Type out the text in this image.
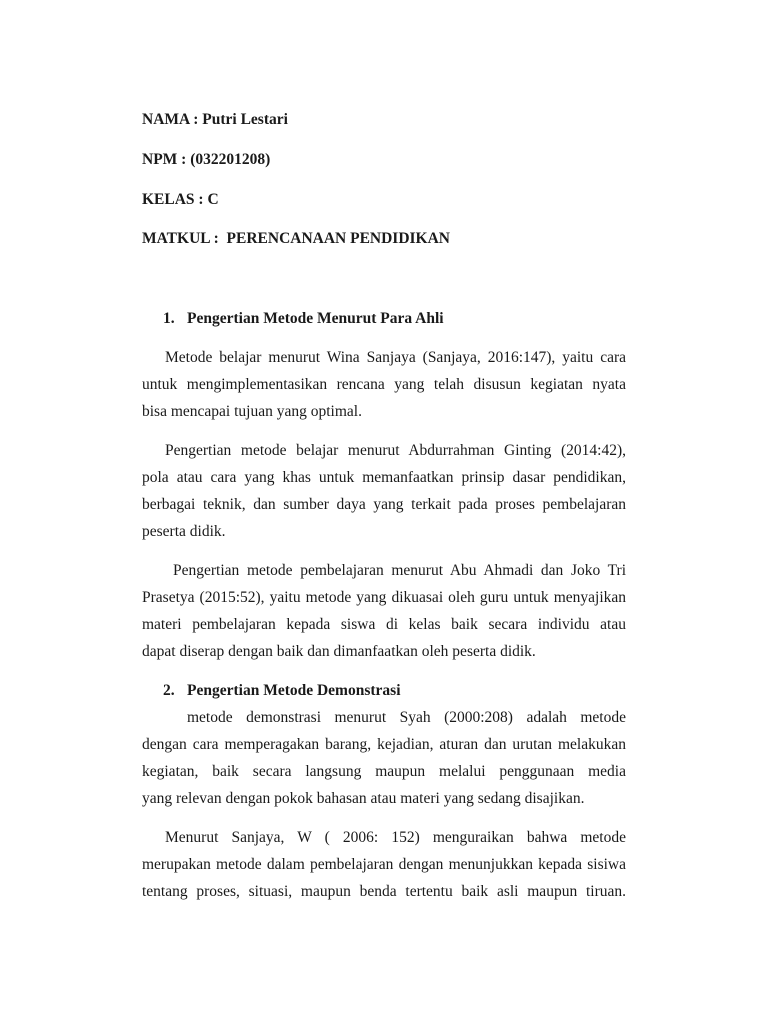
NAMA : Putri Lestari

NPM : (032201208)

KELAS : C

MATKUL :  PERENCANAAN PENDIDIKAN

1. Pengertian Metode Menurut Para Ahli

Metode belajar menurut Wina Sanjaya (Sanjaya, 2016:147), yaitu cara
untuk mengimplementasikan rencana yang telah disusun kegiatan nyata
bisa mencapai tujuan yang optimal.
Pengertian metode belajar menurut Abdurrahman Ginting (2014:42),
pola atau cara yang khas untuk memanfaatkan prinsip dasar pendidikan,
berbagai teknik, dan sumber daya yang terkait pada proses pembelajaran
peserta didik.
Pengertian metode pembelajaran menurut Abu Ahmadi dan Joko Tri
Prasetya (2015:52), yaitu metode yang dikuasai oleh guru untuk menyajikan
materi pembelajaran kepada siswa di kelas baik secara individu atau
dapat diserap dengan baik dan dimanfaatkan oleh peserta didik.

2. Pengertian Metode Demonstrasi

metode demonstrasi menurut Syah (2000:208) adalah metode
dengan cara memperagakan barang, kejadian, aturan dan urutan melakukan
kegiatan, baik secara langsung maupun melalui penggunaan media
yang relevan dengan pokok bahasan atau materi yang sedang disajikan.
Menurut Sanjaya, W ( 2006: 152) menguraikan bahwa metode
merupakan metode dalam pembelajaran dengan menunjukkan kepada sisiwa
tentang proses, situasi, maupun benda tertentu baik asli maupun tiruan.
